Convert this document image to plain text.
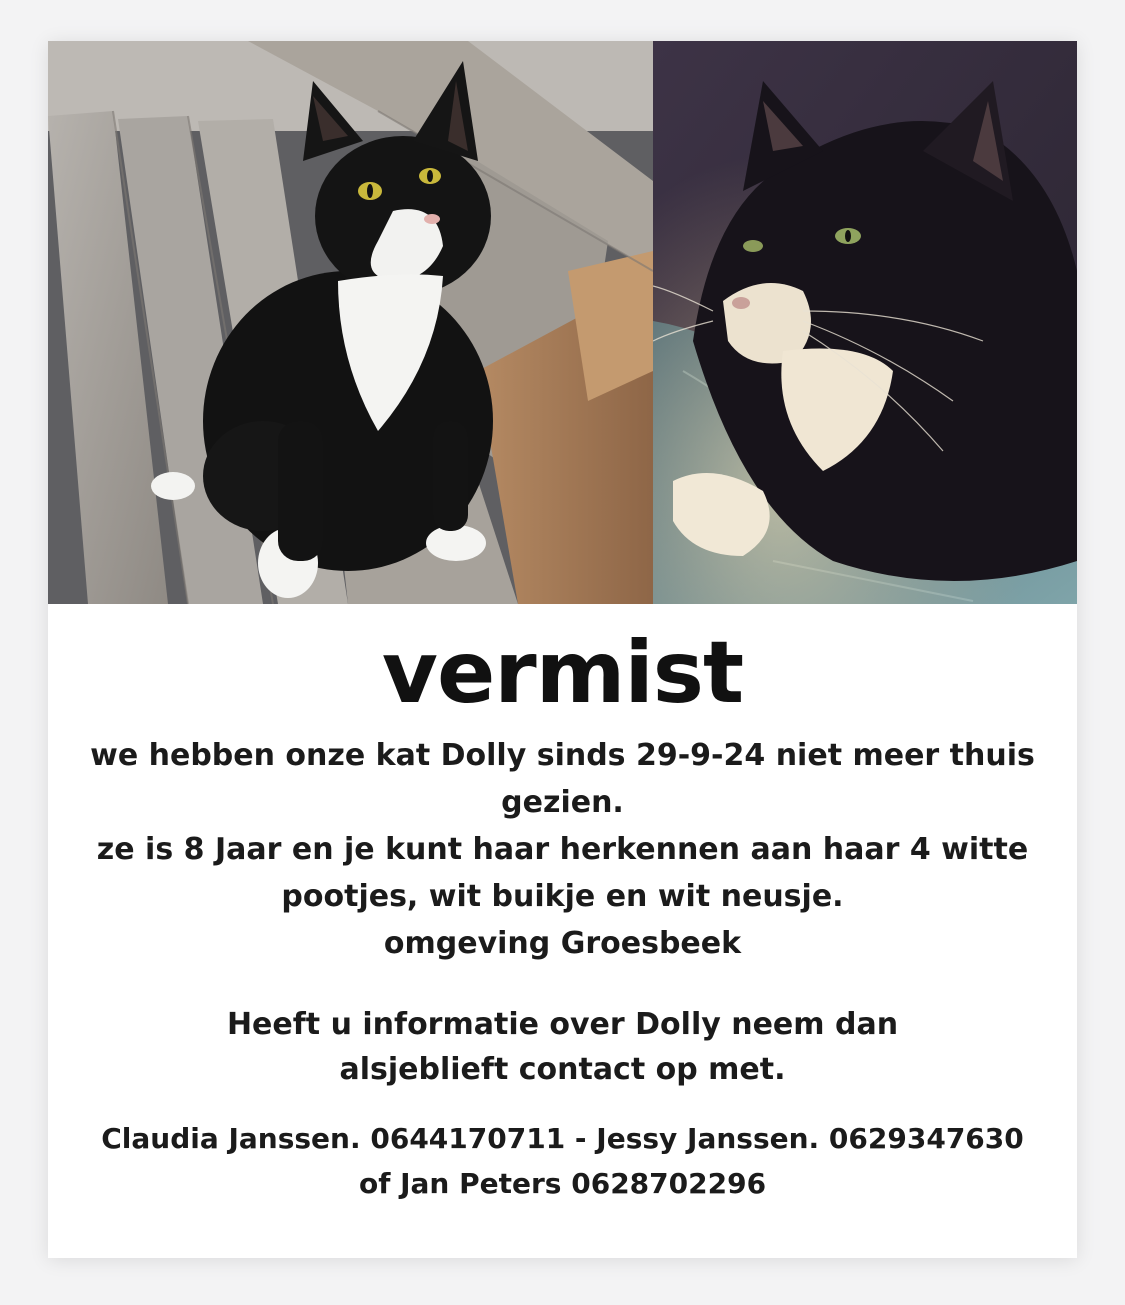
vermist
we hebben onze kat Dolly sinds 29-9-24 niet meer thuis
gezien.
ze is 8 Jaar en je kunt haar herkennen aan haar 4 witte
pootjes, wit buikje en wit neusje.
omgeving Groesbeek
Heeft u informatie over Dolly neem dan
alsjeblieft contact op met.
Claudia Janssen. 0644170711 - Jessy Janssen. 0629347630
of Jan Peters 0628702296
